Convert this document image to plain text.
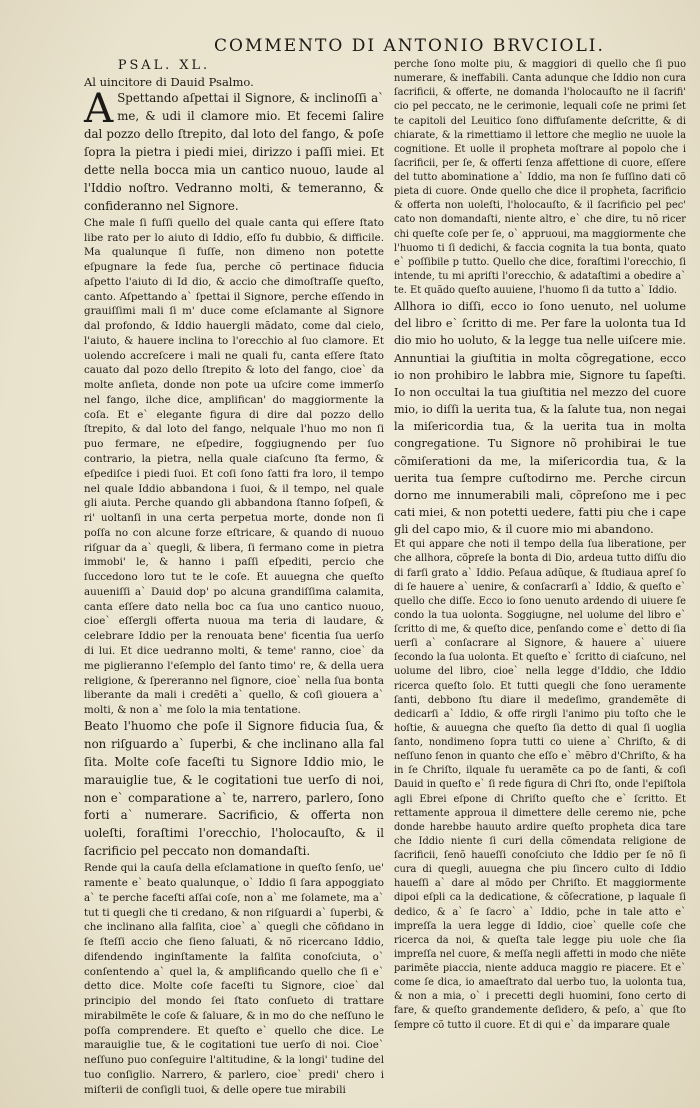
COMMENTO DI ANTONIO BRVCIOLI.

PSAL. XL.

Al uincitore di Dauid Psalmo.

A Spettando aſpettai il Signore, & inclinoſſi a` me, & udi il clamore mio. Et fecemi ſalire dal pozzo dello ſtrepito, dal loto del fango, & poſe ſopra la pietra i piedi miei, dirizzo i paſſi miei. Et dette nella bocca mia un cantico nuouo, laude al l'Iddio noſtro. Vedranno molti, & temeranno, & confideranno nel Signore.

Che male ſi fuſſi quello del quale canta qui eſſere ſtato libe rato per lo aiuto di Iddio, eſſo fu dubbio, & difficile. Ma qualunque ſi fuſſe, non dimeno non potette eſpugnare la fede ſua, perche cõ pertinace fiducia aſpetto l'aiuto di Id dio, & accio che dimoſtraſſe queſto, canto. Aſpettando a` ſpettai il Signore, perche eſſendo in grauiſſimi mali ſi m' duce come eſclamante al Signore dal profondo, & Iddio hauergli mãdato, come dal cielo, l'aiuto, & hauere inclina to l'orecchio al ſuo clamore. Et uolendo accreſcere i mali ne quali fu, canta eſſere ſtato cauato dal pozo dello ſtrepito & loto del fango, cioe` da molte anſieta, donde non pote ua uſcire come immerſo nel fango, ilche dice, amplifican' do maggiormente la coſa. Et e` elegante figura di dire dal pozzo dello ſtrepito, & dal loto del fango, nelquale l'huo mo non ſi puo fermare, ne eſpedire, foggiugnendo per ſuo contrario, la pietra, nella quale ciaſcuno ſta fermo, & eſpediſce i piedi ſuoi. Et coſi ſono ſatti fra loro, il tempo nel quale Iddio abbandona i ſuoi, & il tempo, nel quale gli aiuta. Perche quando gli abbandona ſtanno ſoſpeſi, & ri' uoltanſi in una certa perpetua morte, donde non ſi poſſa no con alcune forze eſtricare, & quando di nuouo riſguar da a` quegli, & libera, ſi fermano come in pietra immobi' le, & hanno i paſſi eſpediti, percio che ſuccedono loro tut te le coſe. Et auuegna che queſto auueniſſi a` Dauid dop' po alcuna grandiſſima calamita, canta eſſere dato nella boc ca ſua uno cantico nuouo, cioe` eſſergli offerta nuoua ma teria di laudare, & celebrare Iddio per la renouata bene' ficentia ſua uerſo di lui. Et dice uedranno molti, & teme' ranno, cioe` da me piglieranno l'eſemplo del ſanto timo' re, & della uera religione, & ſpereranno nel ſignore, cioe` nella ſua bonta liberante da mali i credẽti a` quello, & coſi giouera a` molti, & non a` me ſolo la mia tentatione.

Beato l'huomo che poſe il Signore fiducia ſua, & non riſguardo a` ſuperbi, & che inclinano alla fal ſita. Molte coſe faceſti tu Signore Iddio mio, le marauiglie tue, & le cogitationi tue uerſo di noi, non e` comparatione a` te, narrero, parlero, ſono forti a` numerare. Sacrificio, & offerta non uoleſti, foraſtimi l'orecchio, l'holocauſto, & il ſacrificio pel peccato non domandaſti.

Rende qui la cauſa della eſclamatione in queſto ſenſo, ue' ramente e` beato qualunque, o` Iddio ſi ſara appoggiato a` te perche faceſti aſſai coſe, non a` me ſolamete, ma a` tut ti quegli che ti credano, & non riſguardi a` ſuperbi, & che inclinano alla falſita, cioe` a` quegli che cõfidano in ſe ſteſſi accio che ſieno ſaluati, & nõ ricercano Iddio, difendendo inginſtamente la falſita conoſciuta, o` conſentendo a` quel la, & amplificando quello che ſi e` detto dice. Molte coſe faceſti tu Signore, cioe` dal principio del mondo ſei ſtato conſueto di trattare mirabilmẽte le coſe & ſaluare, & in mo do che neſſuno le poſſa comprendere. Et queſto e` quello che dice. Le marauiglie tue, & le cogitationi tue uerſo di noi. Cioe` neſſuno puo conſeguire l'altitudine, & la longi' tudine del tuo conſiglio. Narrero, & parlero, cioe` predi' chero i miſterii de conſigli tuoi, & delle opere tue mirabili

perche ſono molte piu, & maggiori di quello che ſi puo numerare, & ineffabili. Canta adunque che Iddio non cura ſacrificii, & offerte, ne domanda l'holocauſto ne il ſacrifi' cio pel peccato, ne le cerimonie, lequali coſe ne primi ſet te capitoli del Leuitico ſono diffuſamente deſcritte, & di chiarate, & la rimettiamo il lettore che meglio ne uuole la cognitione. Et uolle il propheta moſtrare al popolo che i ſacrificii, per ſe, & offerti ſenza affettione di cuore, eſſere del tutto abominatione a` Iddio, ma non ſe fuſſino dati cõ pieta di cuore. Onde quello che dice il propheta, ſacrificio & offerta non uoleſti, l'holocauſto, & il ſacrificio pel pec' cato non domandaſti, niente altro, e` che dire, tu nõ ricer chi queſte coſe per ſe, o` appruoui, ma maggiormente che l'huomo ti ſi dedichi, & faccia cognita la tua bonta, quato e` poſſibile p tutto. Quello che dice, foraſtimi l'orecchio, ſi intende, tu mi apriſti l'orecchio, & adataſtimi a obedire a` te. Et quãdo queſto auuiene, l'huomo ſi da tutto a` Iddio.

Allhora io diſſi, ecco io ſono uenuto, nel uolume del libro e` ſcritto di me. Per fare la uolonta tua Id dio mio ho uoluto, & la legge tua nelle uiſcere mie. Annuntiai la giuſtitia in molta cõgregatione, ecco io non prohibiro le labbra mie, Signore tu ſapeſti. Io non occultai la tua giuſtitia nel mezzo del cuore mio, io diſſi la uerita tua, & la ſalute tua, non negai la miſericordia tua, & la uerita tua in molta congregatione. Tu Signore nõ prohibirai le tue cõmiſerationi da me, la miſericordia tua, & la uerita tua ſempre cuſtodirno me. Perche circun dorno me innumerabili mali, cõpreſono me i pec cati miei, & non potetti uedere, fatti piu che i cape gli del capo mio, & il cuore mio mi abandono.

Et qui appare che noti il tempo della ſua liberatione, per che allhora, cõpreſe la bonta di Dio, ardeua tutto diſſu dio di farſi grato a` Iddio. Peſaua adũque, & ſtudiaua apreſ ſo di ſe hauere a` uenire, & conſacrarſi a` Iddio, & queſto e` quello che diſſe. Ecco io ſono uenuto ardendo di uiuere ſe condo la tua uolonta. Soggiugne, nel uolume del libro e` ſcritto di me, & queſto dice, penſando come e` detto di ſia uerſi a` conſacrare al Signore, & hauere a` uiuere ſecondo la ſua uolonta. Et queſto e` ſcritto di ciaſcuno, nel uolume del libro, cioe` nella legge d'Iddio, che Iddio ricerca queſto ſolo. Et tutti quegli che ſono ueramente ſanti, debbono ſtu diare il medeſimo, grandemẽte di dedicarſi a` Iddio, & offe rirgli l'animo piu toſto che le hoſtie, & auuegna che queſto ſia detto di qual ſi uoglia ſanto, nondimeno ſopra tutti co uiene a` Chriſto, & di neſſuno ſenon in quanto che eſſo e` mẽbro d'Chriſto, & ha in ſe Chriſto, ilquale fu ueramẽte ca po de ſanti, & coſi Dauid in queſto e` ſi rede figura di Chri ſto, onde l'epiſtola agli Ebrei eſpone di Chriſto queſto che e` ſcritto. Et rettamente approua il dimettere delle ceremo nie, pche donde harebbe hauuto ardire queſto propheta dica tare che Iddio niente ſi curi della cõmendata religione de ſacrificii, ſenõ haueſſi conoſciuto che Iddio per ſe nõ ſi cura di quegli, auuegna che piu ſincero culto di Iddio haueſſi a` dare al mõdo per Chriſto. Et maggiormente dipoi eſpli ca la dedicatione, & cõſecratione, p laquale ſi dedico, & a` ſe ſacro` a` Iddio, pche in tale atto e` impreſſa la uera legge di Iddio, cioe` quelle coſe che ricerca da noi, & queſta tale legge piu uole che ſia impreſſa nel cuore, & meſſa negli affetti in modo che niẽte parimẽte piaccia, niente adduca maggio re piacere. Et e` come ſe dica, io amaeſtrato dal uerbo tuo, la uolonta tua, & non a mia, o` i precetti degli huomini, ſono certo di fare, & queſto grandemente deſidero, & peſo, a` que ſto ſempre cõ tutto il cuore. Et di qui e` da imparare quale
